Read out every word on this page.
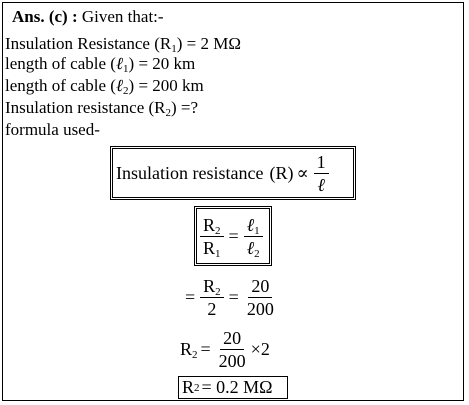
Ans. (c) : Given that:-
Insulation Resistance $(R_1) = 2$ MΩ
length of cable (ℓ$_1$) = 20 km
length of cable (ℓ$_2$) = 200 km
Insulation resistance $(R_2)$ =?
formula used-
Insulation resistance $(R) \propto \frac{1}{\text{ℓ}}$
$\frac{R_2}{R_1} = \frac{\ell_1}{\ell_2}$
= $\frac{R_2}{2} = \frac{20}{200}$
$R_2 = \frac{20}{200} \times 2$
R 2 = 0.2 MΩ
